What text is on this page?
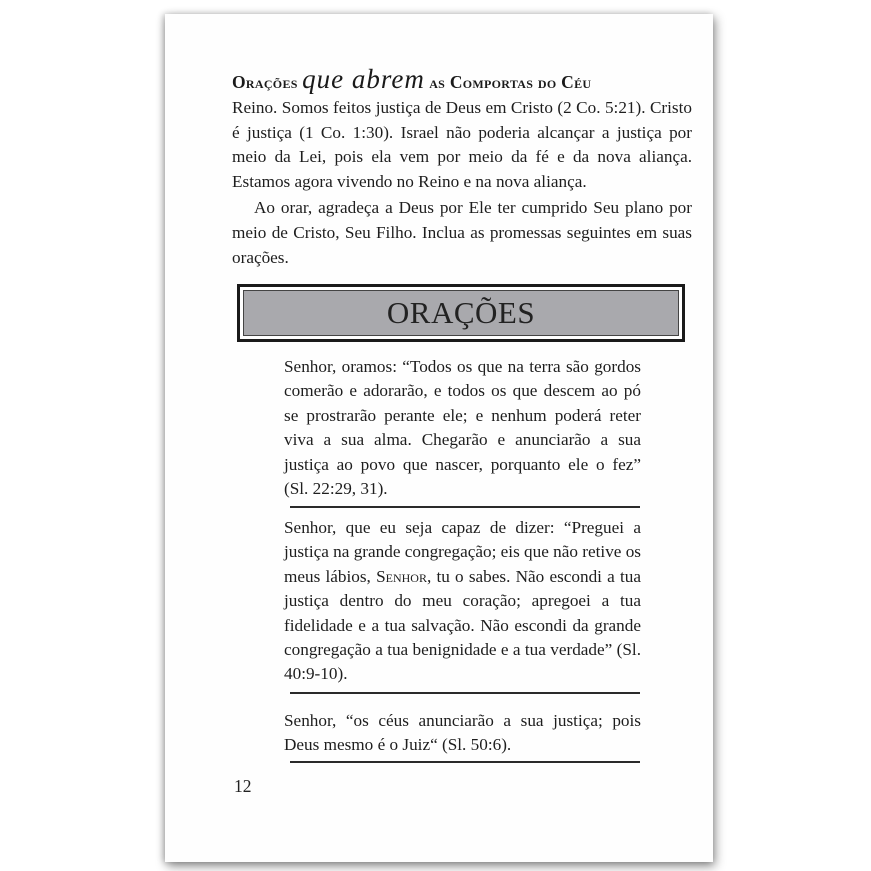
Orações que abrem as Comportas do Céu

Reino. Somos feitos justiça de Deus em Cristo (2 Co. 5:21). Cristo é justiça (1 Co. 1:30). Israel não poderia alcançar a justiça por meio da Lei, pois ela vem por meio da fé e da nova aliança. Estamos agora vivendo no Reino e na nova aliança.

Ao orar, agradeça a Deus por Ele ter cumprido Seu plano por meio de Cristo, Seu Filho. Inclua as promessas seguintes em suas orações.

ORAÇÕES
Senhor, oramos: “Todos os que na terra são gordos comerão e adorarão, e todos os que descem ao pó se prostrarão perante ele; e nenhum poderá reter viva a sua alma. Chegarão e anunciarão a sua justiça ao povo que nascer, porquanto ele o fez” (Sl. 22:29, 31).
Senhor, que eu seja capaz de dizer: “Preguei a justiça na grande congregação; eis que não retive os meus lábios, Senhor, tu o sabes. Não escondi a tua justiça dentro do meu coração; apregoei a tua fidelidade e a tua salvação. Não escondi da grande congregação a tua benignidade e a tua verdade” (Sl. 40:9-10).
Senhor, “os céus anunciarão a sua justiça; pois Deus mesmo é o Juiz“ (Sl. 50:6).
12
